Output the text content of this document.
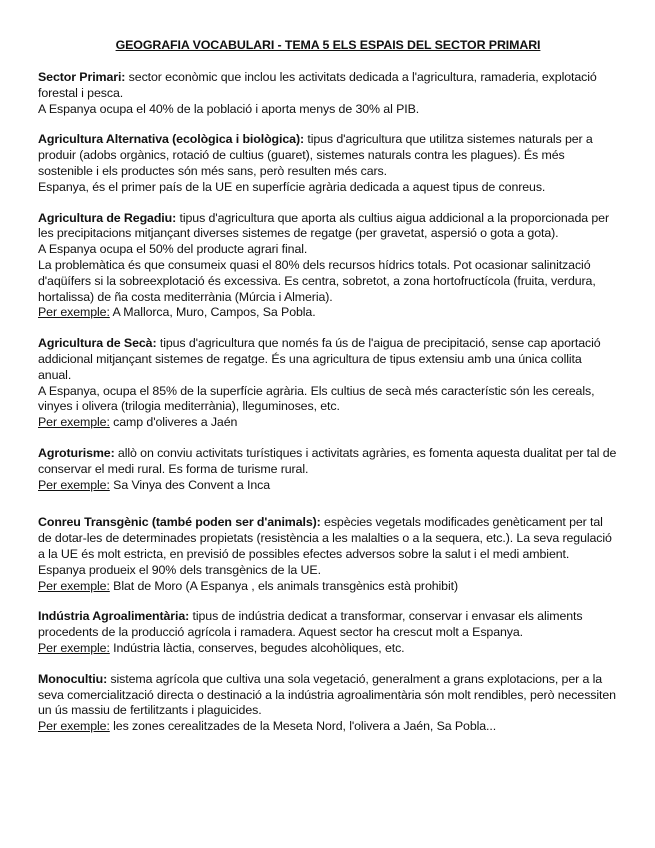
GEOGRAFIA VOCABULARI - TEMA 5 ELS ESPAIS DEL SECTOR PRIMARI

Sector Primari: sector econòmic que inclou les activitats dedicada a l'agricultura, ramaderia, explotació forestal i pesca.

A Espanya ocupa el 40% de la població i aporta menys de 30% al PIB.

Agricultura Alternativa (ecològica i biològica): tipus d'agricultura que utilitza sistemes naturals per a produir (adobs orgànics, rotació de cultius (guaret), sistemes naturals contra les plagues). És més sostenible i els productes són més sans, però resulten més cars.

Espanya, és el primer país de la UE en superfície agrària dedicada a aquest tipus de conreus.

Agricultura de Regadiu: tipus d'agricultura que aporta als cultius aigua addicional a la proporcionada per les precipitacions mitjançant diverses sistemes de regatge (per gravetat, aspersió o gota a gota).

A Espanya ocupa el 50% del producte agrari final.

La problemàtica és que consumeix quasi el 80% dels recursos hídrics totals. Pot ocasionar salinització d'aqüífers si la sobreexplotació és excessiva. Es centra, sobretot, a zona hortofructícola (fruita, verdura, hortalissa) de ña costa mediterrània (Múrcia i Almeria).

Per exemple: A Mallorca, Muro, Campos, Sa Pobla.

Agricultura de Secà: tipus d'agricultura que només fa ús de l'aigua de precipitació, sense cap aportació addicional mitjançant sistemes de regatge. És una agricultura de tipus extensiu amb una única collita anual.

A Espanya, ocupa el 85% de la superfície agrària. Els cultius de secà més característic són les cereals, vinyes i olivera (trilogia mediterrània), lleguminoses, etc.

Per exemple: camp d'oliveres a Jaén

Agroturisme: allò on conviu activitats turístiques i activitats agràries, es fomenta aquesta dualitat per tal de conservar el medi rural. Es forma de turisme rural.

Per exemple: Sa Vinya des Convent a Inca

Conreu Transgènic (també poden ser d'animals): espècies vegetals modificades genèticament per tal de dotar-les de determinades propietats (resistència a les malalties o a la sequera, etc.). La seva regulació a la UE és molt estricta, en previsió de possibles efectes adversos sobre la salut i el medi ambient. Espanya produeix el 90% dels transgènics de la UE.

Per exemple: Blat de Moro (A Espanya , els animals transgènics està prohibit)

Indústria Agroalimentària: tipus de indústria dedicat a transformar, conservar i envasar els aliments procedents de la producció agrícola i ramadera. Aquest sector ha crescut molt a Espanya.

Per exemple: Indústria làctia, conserves, begudes alcohòliques, etc.

Monocultiu: sistema agrícola que cultiva una sola vegetació, generalment a grans explotacions, per a la seva comercialització directa o destinació a la indústria agroalimentària són molt rendibles, però necessiten un ús massiu de fertilitzants i plaguicides.

Per exemple: les zones cerealitzades de la Meseta Nord, l'olivera a Jaén, Sa Pobla...
